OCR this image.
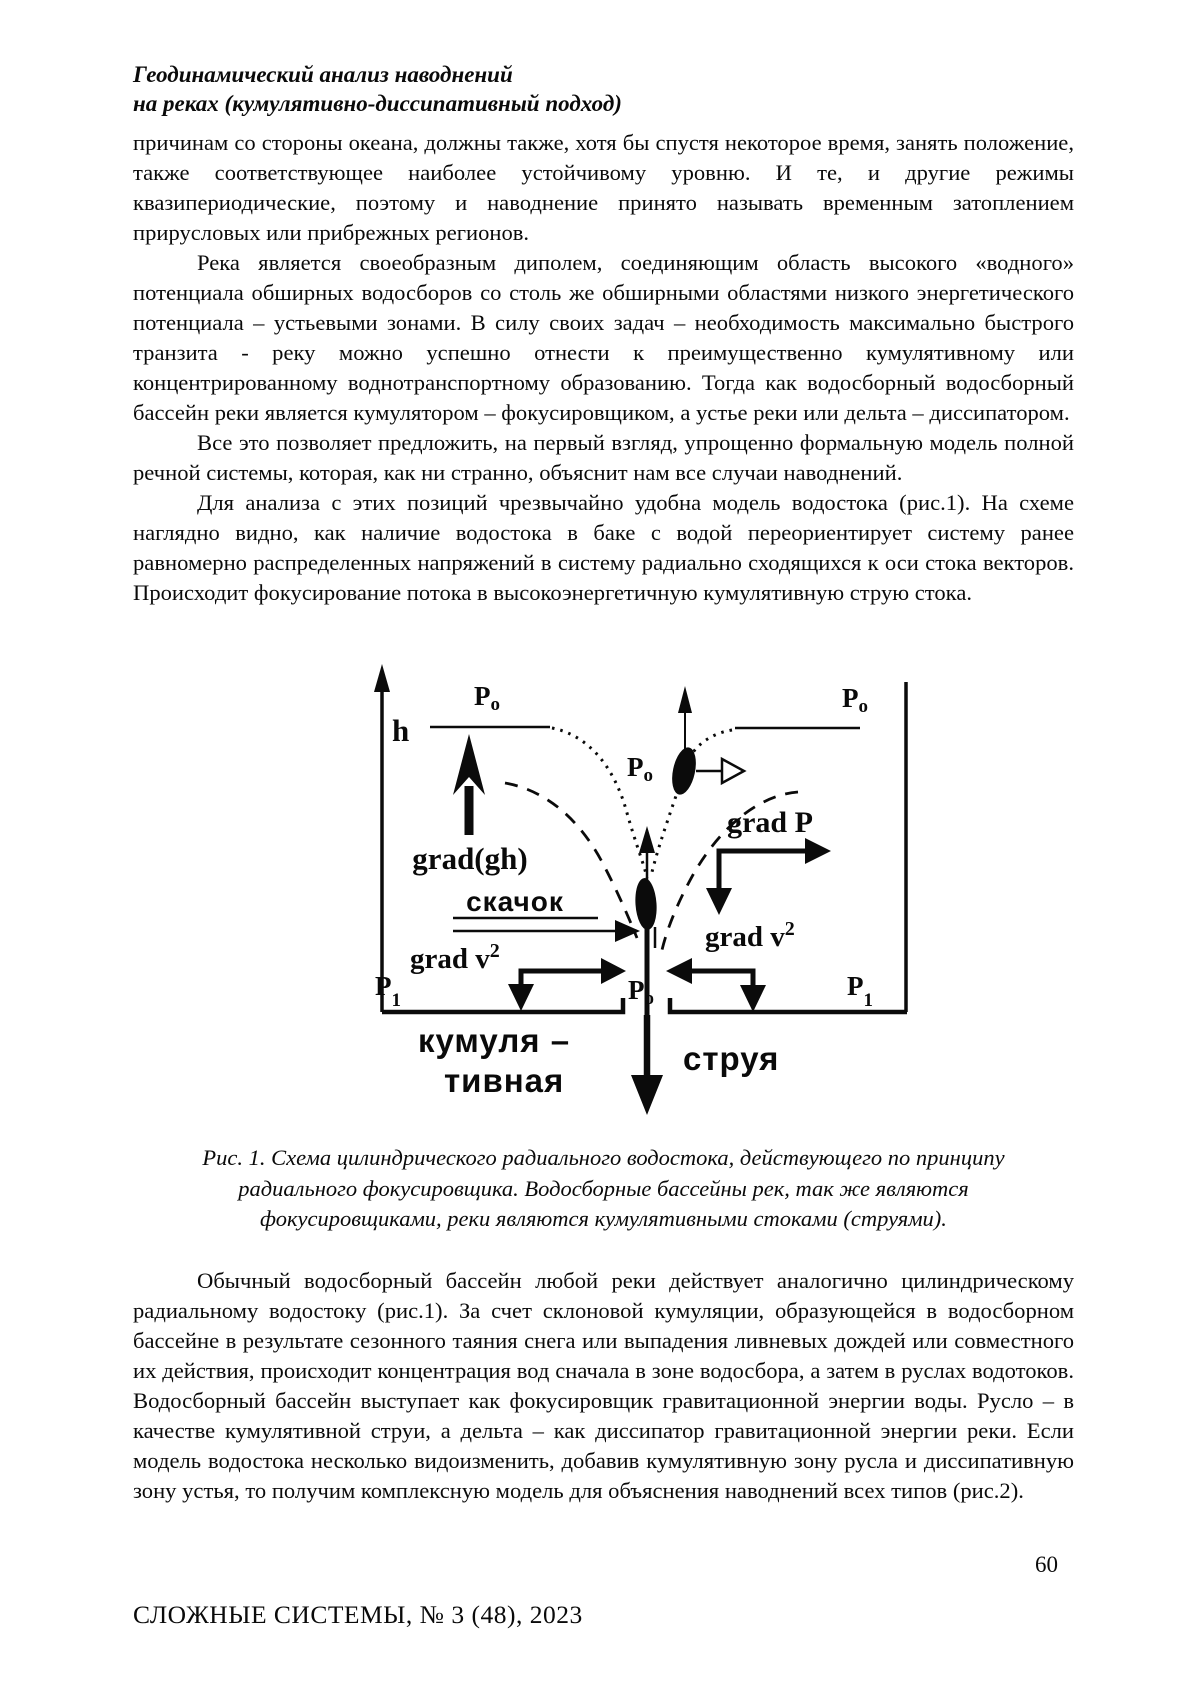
Геодинамический анализ наводнений
на реках (кумулятивно-диссипативный подход)

причинам со стороны океана, должны также, хотя бы спустя некоторое время, занять положение, также соответствующее наиболее устойчивому уровню. И те, и другие режимы квазипериодические, поэтому и наводнение принято называть временным затоплением прирусловых или прибрежных регионов.

Река является своеобразным диполем, соединяющим область высокого «водного» потенциала обширных водосборов со столь же обширными областями низкого энергетического потенциала – устьевыми зонами. В силу своих задач – необходимость максимально быстрого транзита - реку можно успешно отнести к преимущественно кумулятивному или концентрированному воднотранспортному образованию. Тогда как водосборный водосборный бассейн реки является кумулятором – фокусировщиком, а устье реки или дельта – диссипатором.

Все это позволяет предложить, на первый взгляд, упрощенно формальную модель полной речной системы, которая, как ни странно, объяснит нам все случаи наводнений.

Для анализа с этих позиций чрезвычайно удобна модель водостока (рис.1). На схеме наглядно видно, как наличие водостока в баке с водой переориентирует систему ранее равномерно распределенных напряжений в систему радиально сходящихся к оси стока векторов. Происходит фокусирование потока в высокоэнергетичную кумулятивную струю стока.

h
$P_o$	$P_o$
$P_o$
$P_o$
grad(gh)
grad P
grad $v^2$
grad $v^2$
$P_1$	$P_1$
скачок
кумуля –
тивная
струя
Рис. 1. Схема цилиндрического радиального водостока, действующего по принципу
радиального фокусировщика. Водосборные бассейны рек, так же являются
фокусировщиками, реки являются кумулятивными стоками (струями).

Обычный водосборный бассейн любой реки действует аналогично цилиндрическому радиальному водостоку (рис.1). За счет склоновой кумуляции, образующейся в водосборном бассейне в результате сезонного таяния снега или выпадения ливневых дождей или совместного их действия, происходит концентрация вод сначала в зоне водосбора, а затем в руслах водотоков. Водосборный бассейн выступает как фокусировщик гравитационной энергии воды. Русло – в качестве кумулятивной струи, а дельта – как диссипатор гравитационной энергии реки. Если модель водостока несколько видоизменить, добавив кумулятивную зону русла и диссипативную зону устья, то получим комплексную модель для объяснения наводнений всех типов (рис.2).

60
СЛОЖНЫЕ СИСТЕМЫ, № 3 (48), 2023
